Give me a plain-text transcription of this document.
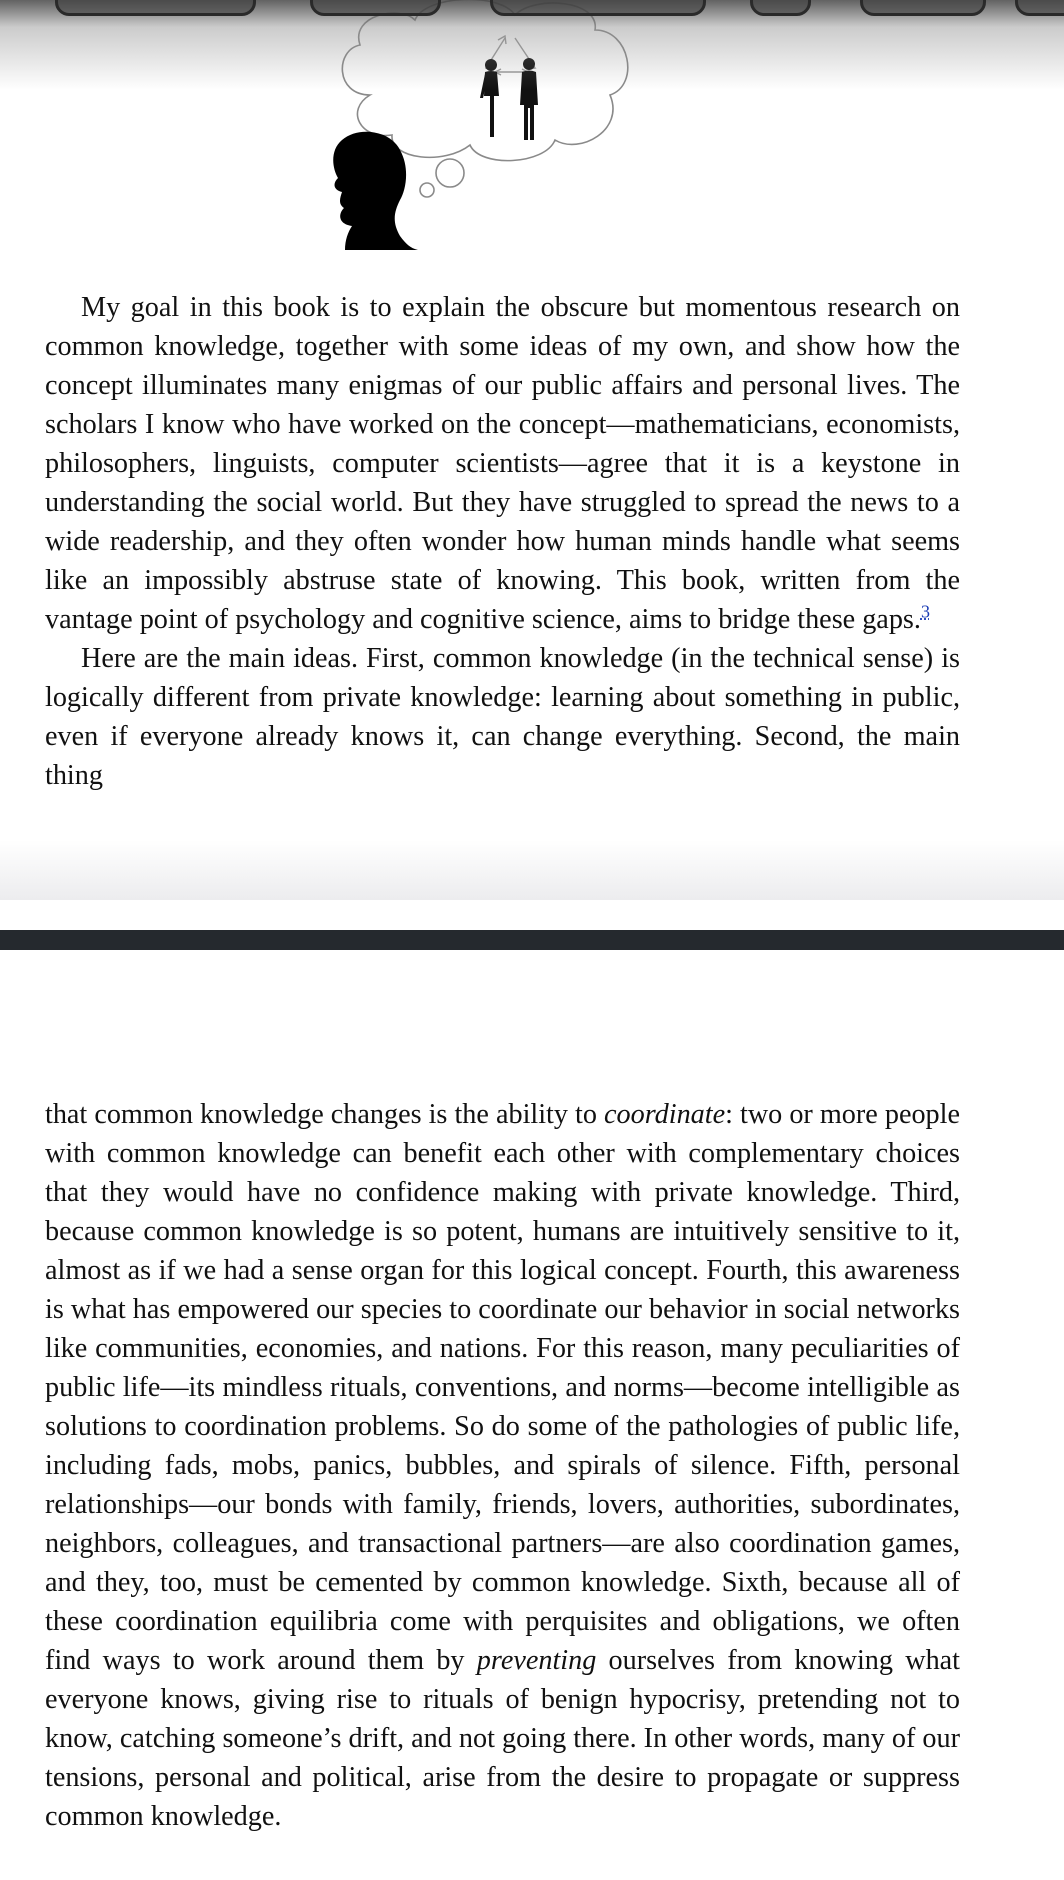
My goal in this book is to explain the obscure but momentous research on common knowledge, together with some ideas of my own, and show how the concept illuminates many enigmas of our public affairs and personal lives. The scholars I know who have worked on the concept—mathematicians, economists, philosophers, linguists, computer scientists—agree that it is a keystone in understanding the social world. But they have struggled to spread the news to a wide readership, and they often wonder how human minds handle what seems like an impossibly abstruse state of knowing. This book, written from the vantage point of psychology and cognitive science, aims to bridge these gaps.$^3$

Here are the main ideas. First, common knowledge (in the technical sense) is logically different from private knowledge: learning about something in public, even if everyone already knows it, can change everything. Second, the main thing

that common knowledge changes is the ability to coordinate: two or more people with common knowledge can benefit each other with complementary choices that they would have no confidence making with private knowledge. Third, because common knowledge is so potent, humans are intuitively sensitive to it, almost as if we had a sense organ for this logical concept. Fourth, this awareness is what has empowered our species to coordinate our behavior in social networks like communities, economies, and nations. For this reason, many peculiarities of public life—its mindless rituals, conventions, and norms—become intelligible as solutions to coordination problems. So do some of the pathologies of public life, including fads, mobs, panics, bubbles, and spirals of silence. Fifth, personal relationships—our bonds with family, friends, lovers, authorities, subordinates, neighbors, colleagues, and transactional partners—are also coordination games, and they, too, must be cemented by common knowledge. Sixth, because all of these coordination equilibria come with perquisites and obligations, we often find ways to work around them by preventing ourselves from knowing what everyone knows, giving rise to rituals of benign hypocrisy, pretending not to know, catching someone’s drift, and not going there. In other words, many of our tensions, personal and political, arise from the desire to propagate or suppress common knowledge.
